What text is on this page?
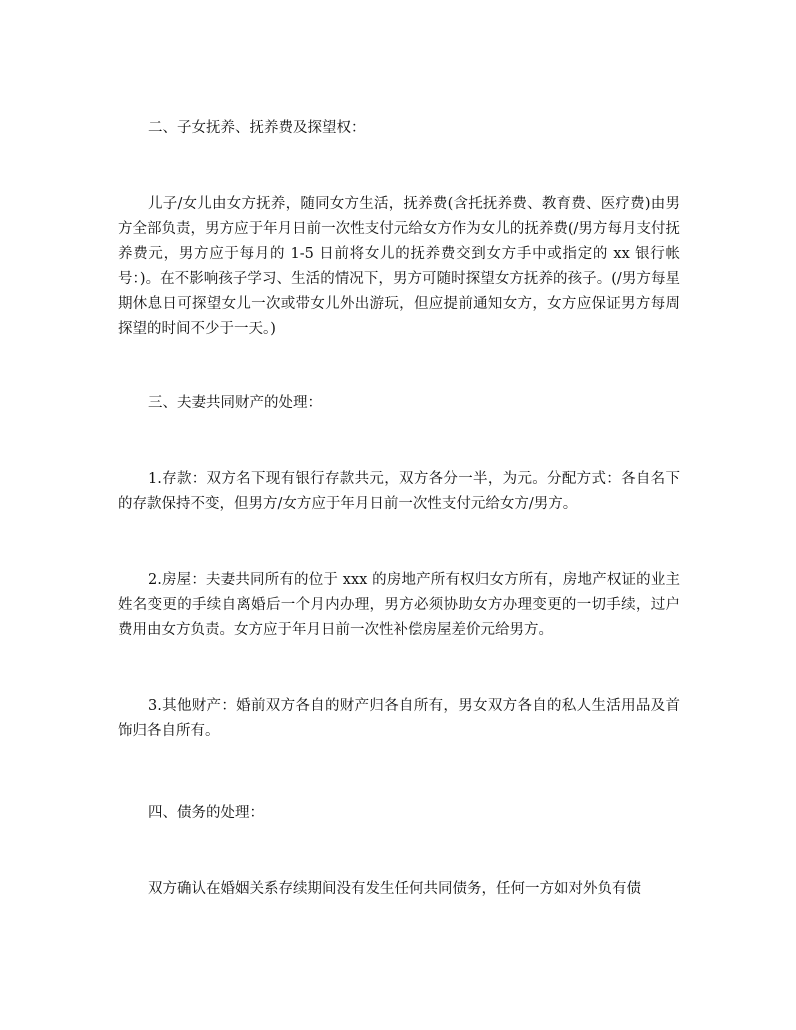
二、子女抚养、抚养费及探望权：

儿子/女儿由女方抚养，随同女方生活，抚养费(含托抚养费、教育费、医疗费)由男方全部负责，男方应于年月日前一次性支付元给女方作为女儿的抚养费(/男方每月支付抚养费元，男方应于每月的 1-5 日前将女儿的抚养费交到女方手中或指定的 xx 银行帐号：)。在不影响孩子学习、生活的情况下，男方可随时探望女方抚养的孩子。(/男方每星期休息日可探望女儿一次或带女儿外出游玩，但应提前通知女方，女方应保证男方每周探望的时间不少于一天。)

三、夫妻共同财产的处理：

1.存款：双方名下现有银行存款共元，双方各分一半，为元。分配方式：各自名下的存款保持不变，但男方/女方应于年月日前一次性支付元给女方/男方。

2.房屋：夫妻共同所有的位于 xxx 的房地产所有权归女方所有，房地产权证的业主姓名变更的手续自离婚后一个月内办理，男方必须协助女方办理变更的一切手续，过户费用由女方负责。女方应于年月日前一次性补偿房屋差价元给男方。

3.其他财产：婚前双方各自的财产归各自所有，男女双方各自的私人生活用品及首饰归各自所有。

四、债务的处理：

双方确认在婚姻关系存续期间没有发生任何共同债务，任何一方如对外负有债
